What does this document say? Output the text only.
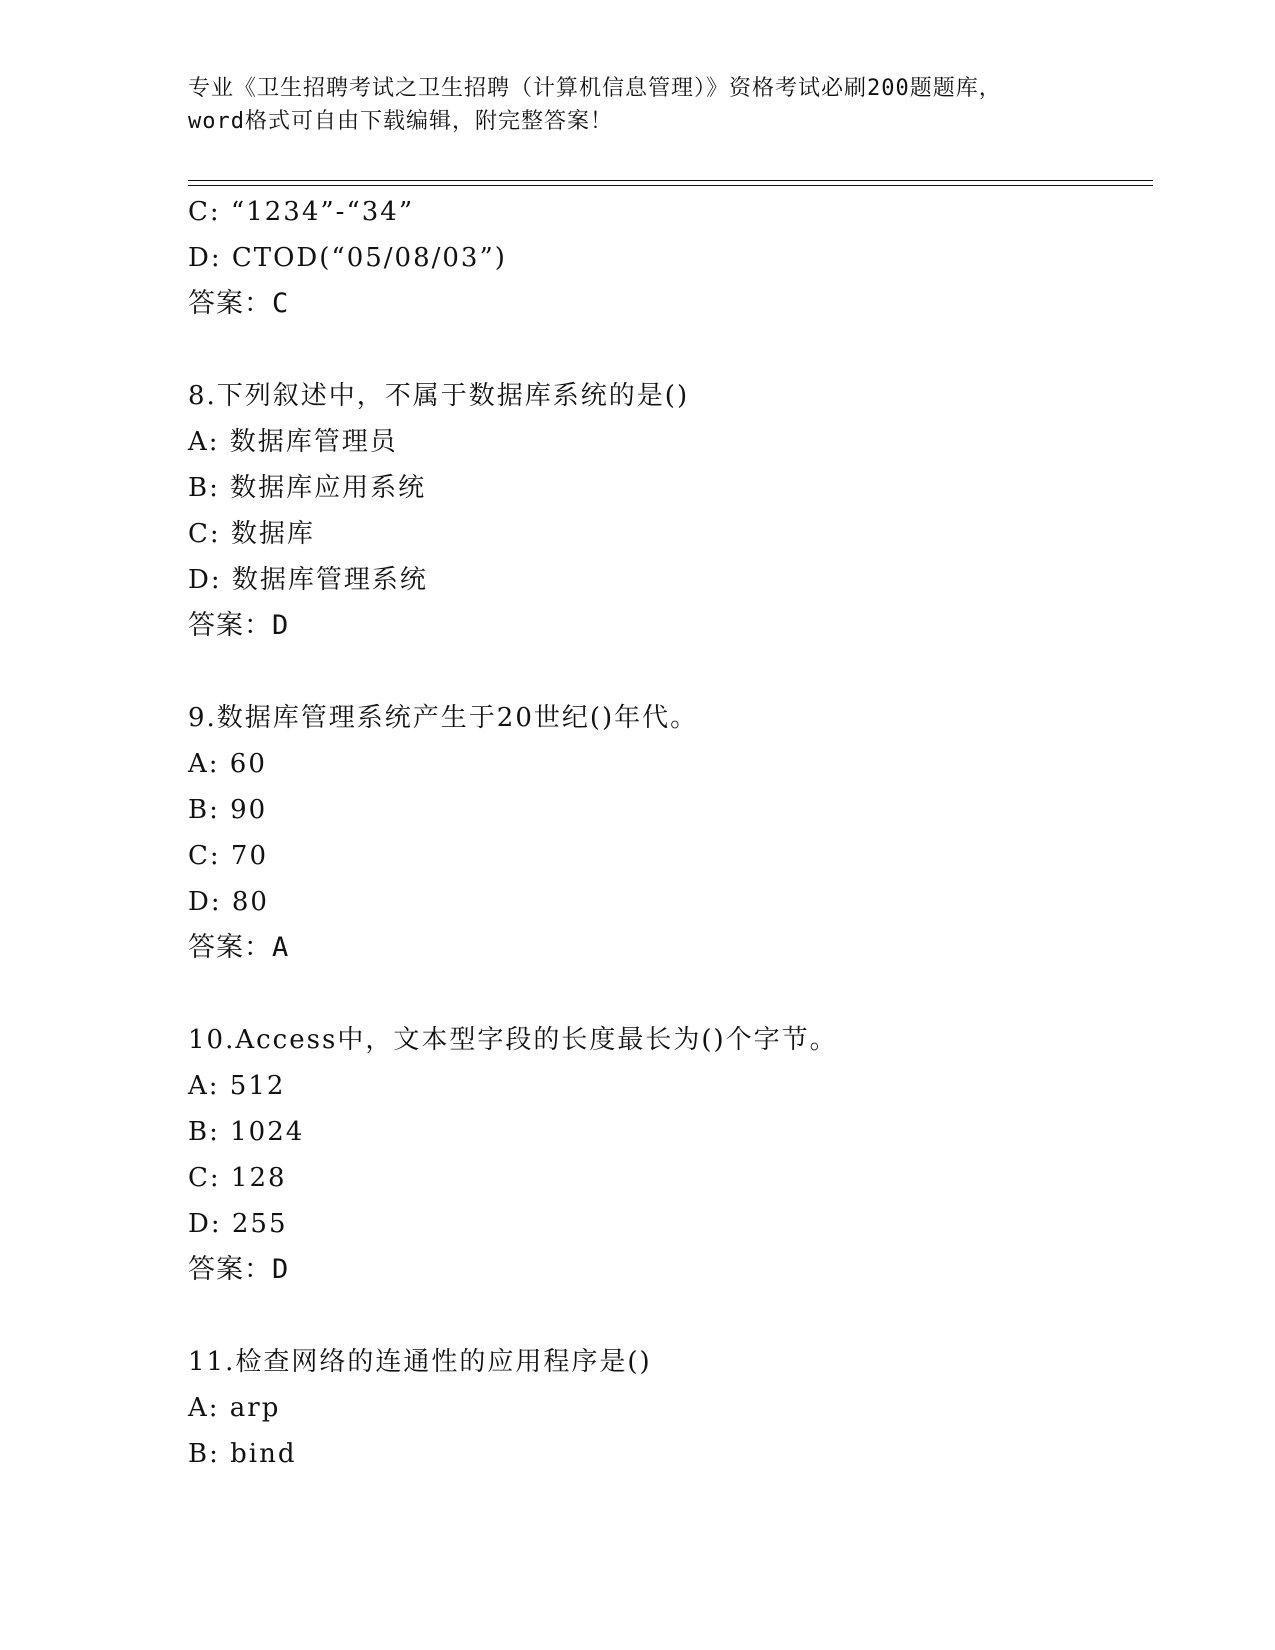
专业《卫生招聘考试之卫生招聘（计算机信息管理）》资格考试必刷200题题库，
word格式可自由下载编辑，附完整答案！
C: “1234”-“34”
D: CTOD(“05/08/03”)
答案：C
8.下列叙述中，不属于数据库系统的是()
A: 数据库管理员
B: 数据库应用系统
C: 数据库
D: 数据库管理系统
答案：D
9.数据库管理系统产生于20世纪()年代。
A: 60
B: 90
C: 70
D: 80
答案：A
10.Access中，文本型字段的长度最长为()个字节。
A: 512
B: 1024
C: 128
D: 255
答案：D
11.检查网络的连通性的应用程序是()
A: arp
B: bind
